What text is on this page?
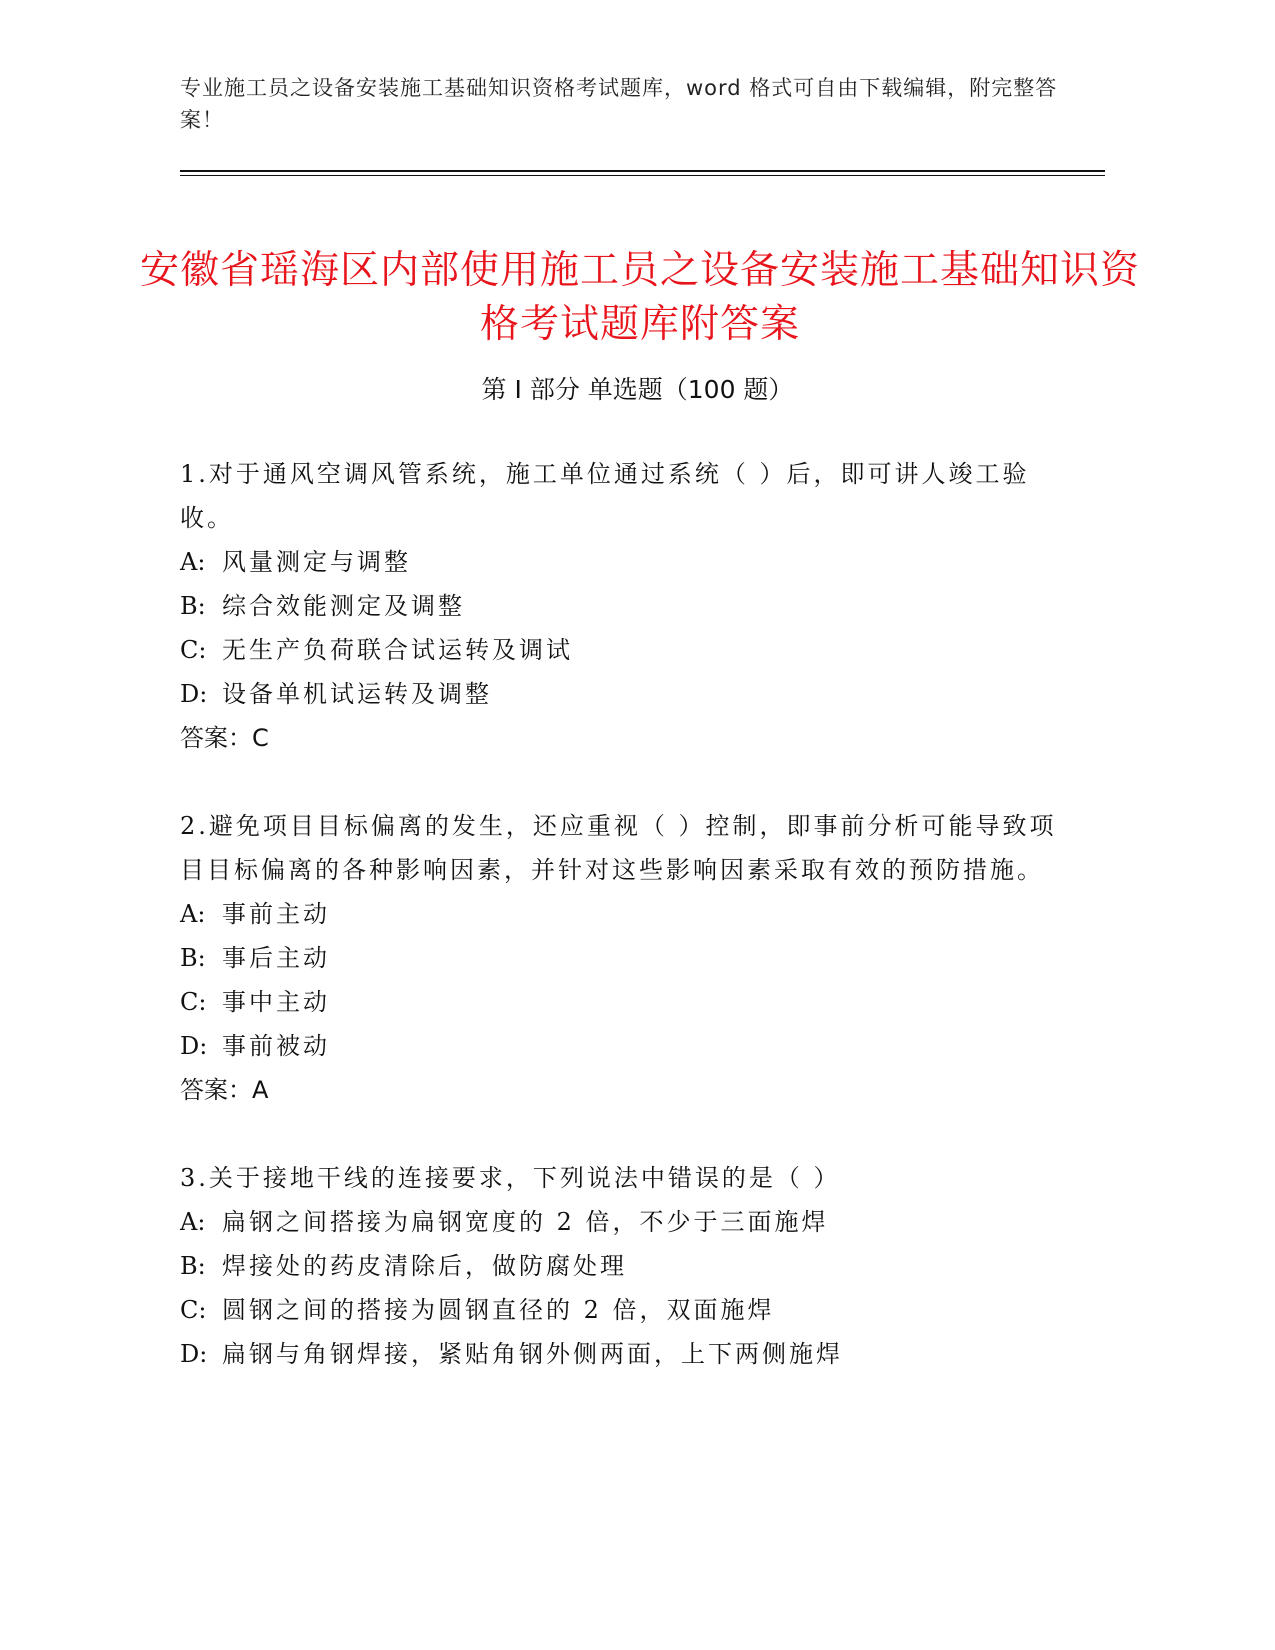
专业施工员之设备安装施工基础知识资格考试题库，word 格式可自由下载编辑，附完整答案！
安徽省瑶海区内部使用施工员之设备安装施工基础知识资格考试题库附答案
第 I 部分 单选题（100 题）
1.对于通风空调风管系统，施工单位通过系统（ ）后，即可讲人竣工验收。
A: 风量测定与调整
B: 综合效能测定及调整
C: 无生产负荷联合试运转及调试
D: 设备单机试运转及调整
答案：C
2.避免项目目标偏离的发生，还应重视（ ）控制，即事前分析可能导致项目目标偏离的各种影响因素，并针对这些影响因素采取有效的预防措施。
A: 事前主动
B: 事后主动
C: 事中主动
D: 事前被动
答案：A
3.关于接地干线的连接要求，下列说法中错误的是（ ）
A: 扁钢之间搭接为扁钢宽度的 2 倍，不少于三面施焊
B: 焊接处的药皮清除后，做防腐处理
C: 圆钢之间的搭接为圆钢直径的 2 倍，双面施焊
D: 扁钢与角钢焊接，紧贴角钢外侧两面，上下两侧施焊
